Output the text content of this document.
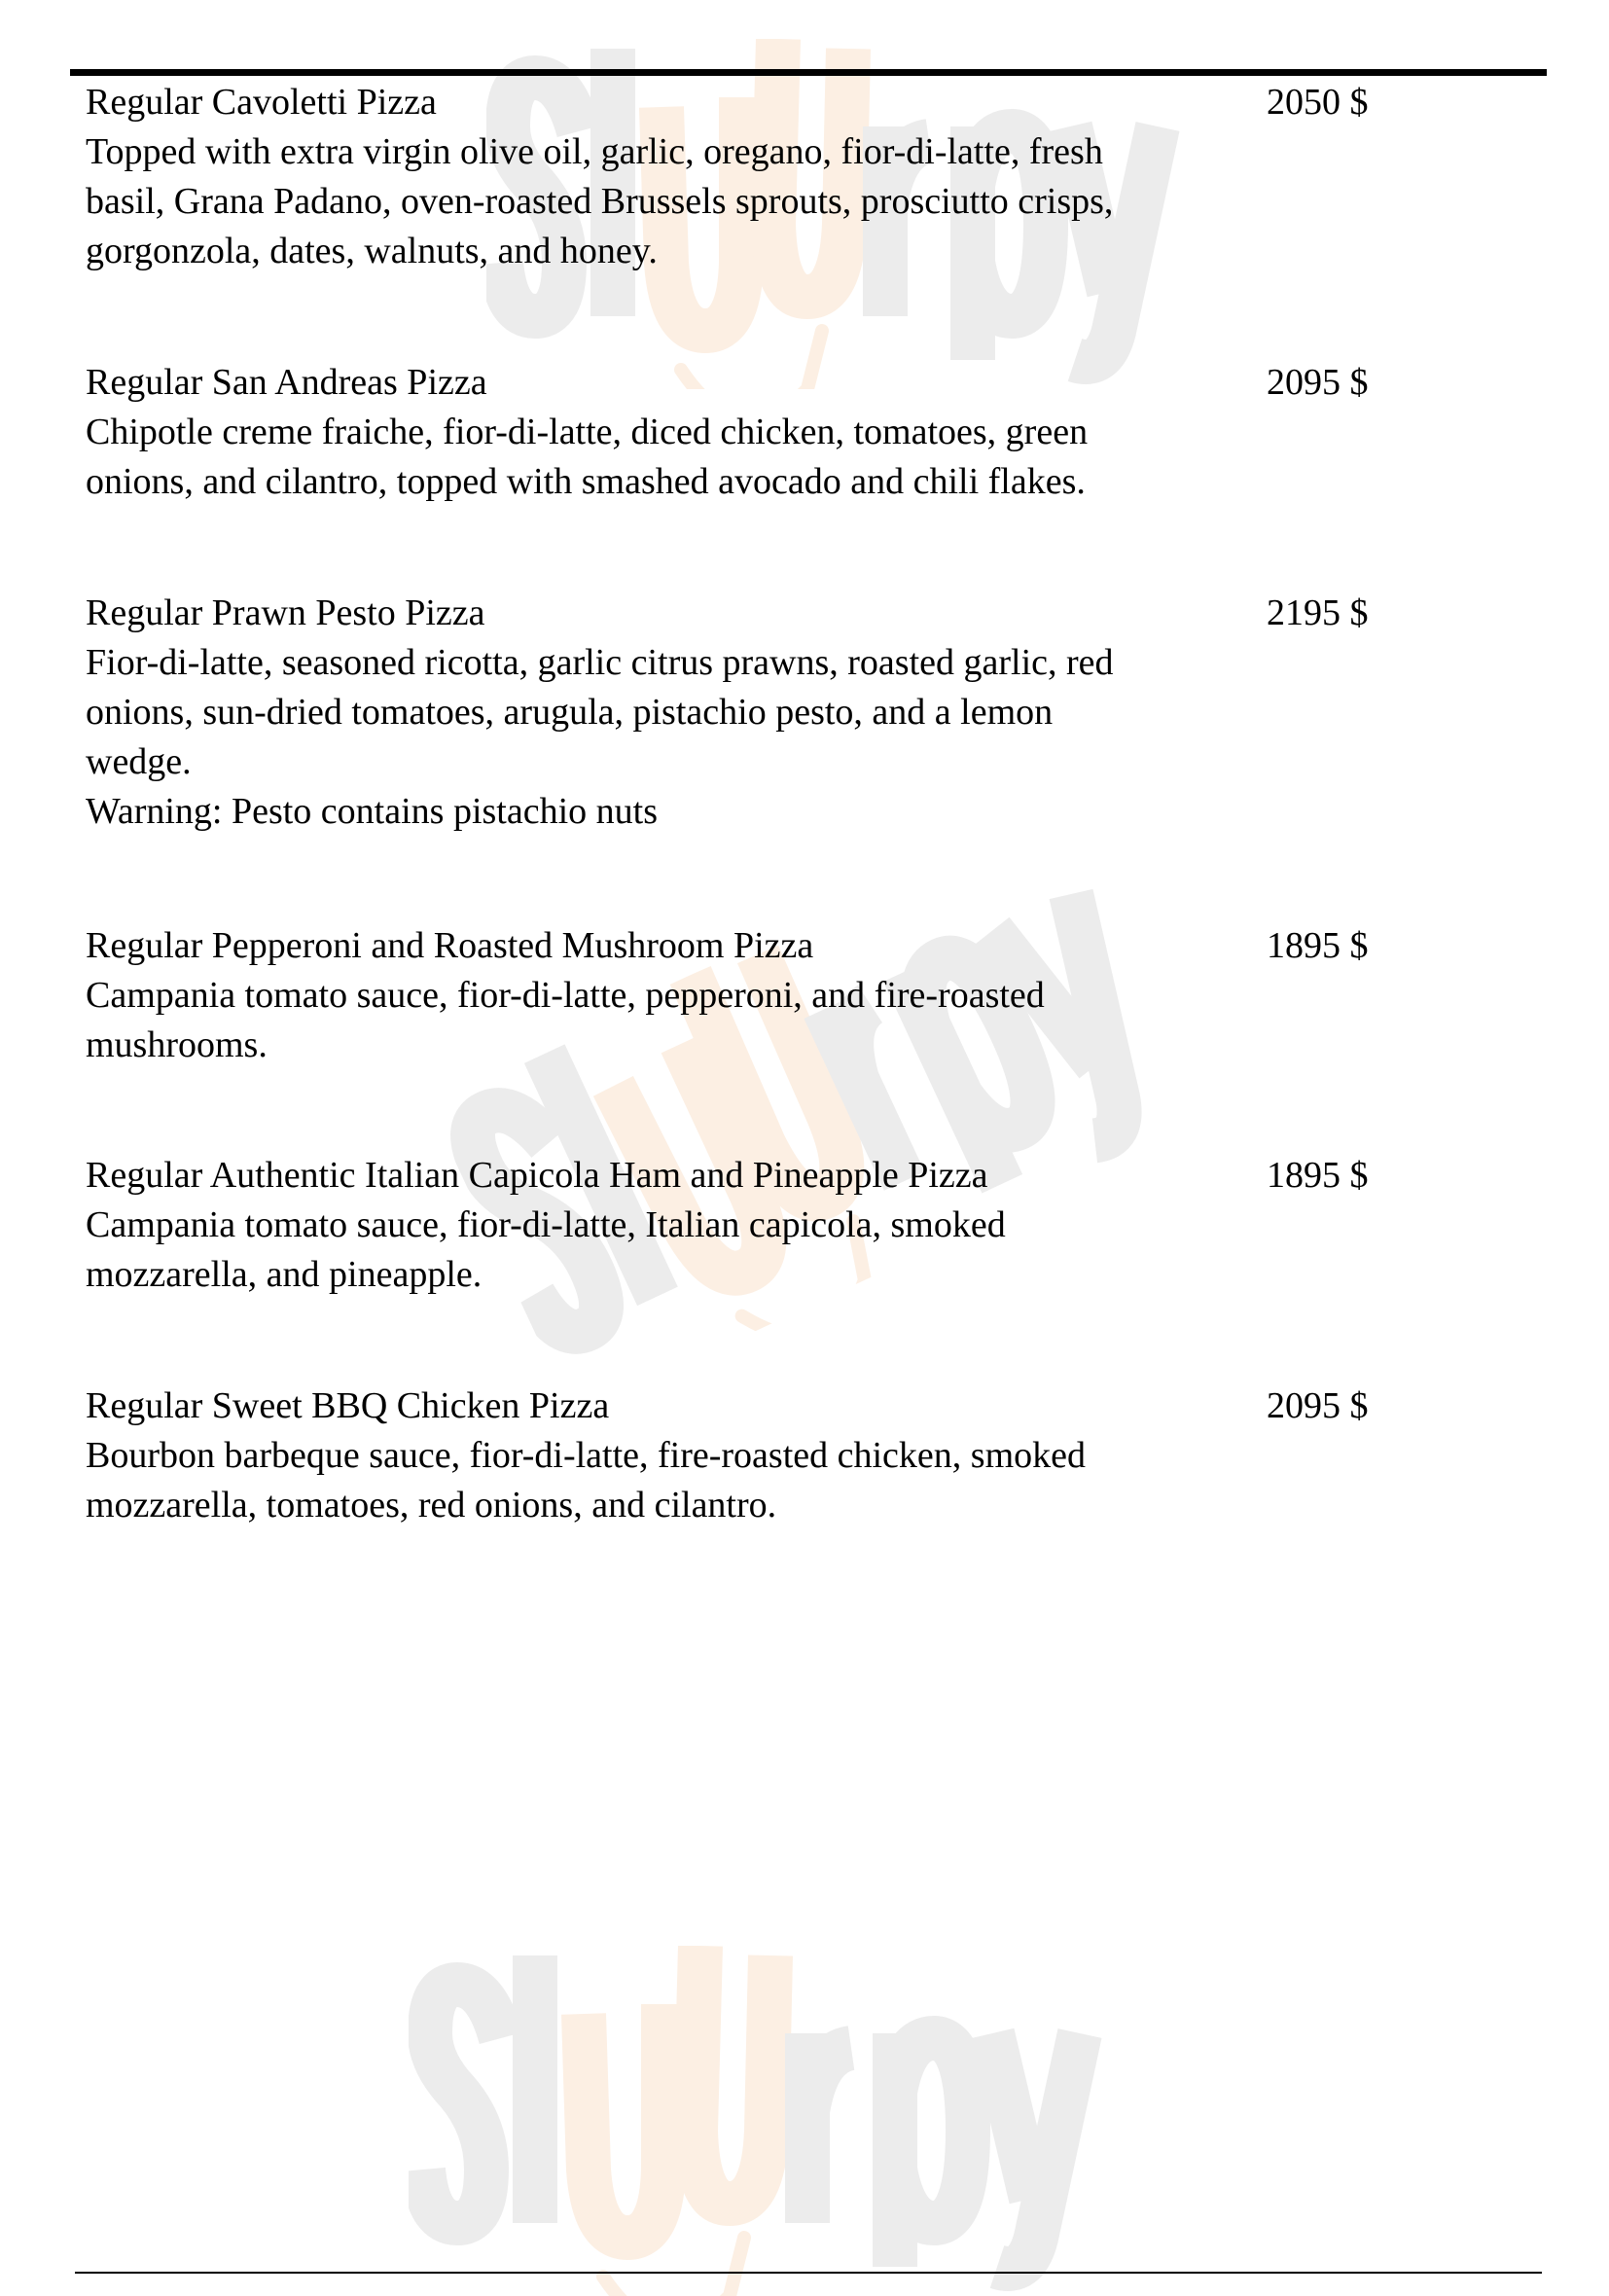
Regular Cavoletti Pizza	2050 $
Topped with extra virgin olive oil, garlic, oregano, fior-di-latte, fresh
basil, Grana Padano, oven-roasted Brussels sprouts, prosciutto crisps,
gorgonzola, dates, walnuts, and honey.
Regular San Andreas Pizza	2095 $
Chipotle creme fraiche, fior-di-latte, diced chicken, tomatoes, green
onions, and cilantro, topped with smashed avocado and chili flakes.
Regular Prawn Pesto Pizza	2195 $
Fior-di-latte, seasoned ricotta, garlic citrus prawns, roasted garlic, red
onions, sun-dried tomatoes, arugula, pistachio pesto, and a lemon
wedge.
Warning: Pesto contains pistachio nuts
Regular Pepperoni and Roasted Mushroom Pizza	1895 $
Campania tomato sauce, fior-di-latte, pepperoni, and fire-roasted
mushrooms.
Regular Authentic Italian Capicola Ham and Pineapple Pizza	1895 $
Campania tomato sauce, fior-di-latte, Italian capicola, smoked
mozzarella, and pineapple.
Regular Sweet BBQ Chicken Pizza	2095 $
Bourbon barbeque sauce, fior-di-latte, fire-roasted chicken, smoked
mozzarella, tomatoes, red onions, and cilantro.
